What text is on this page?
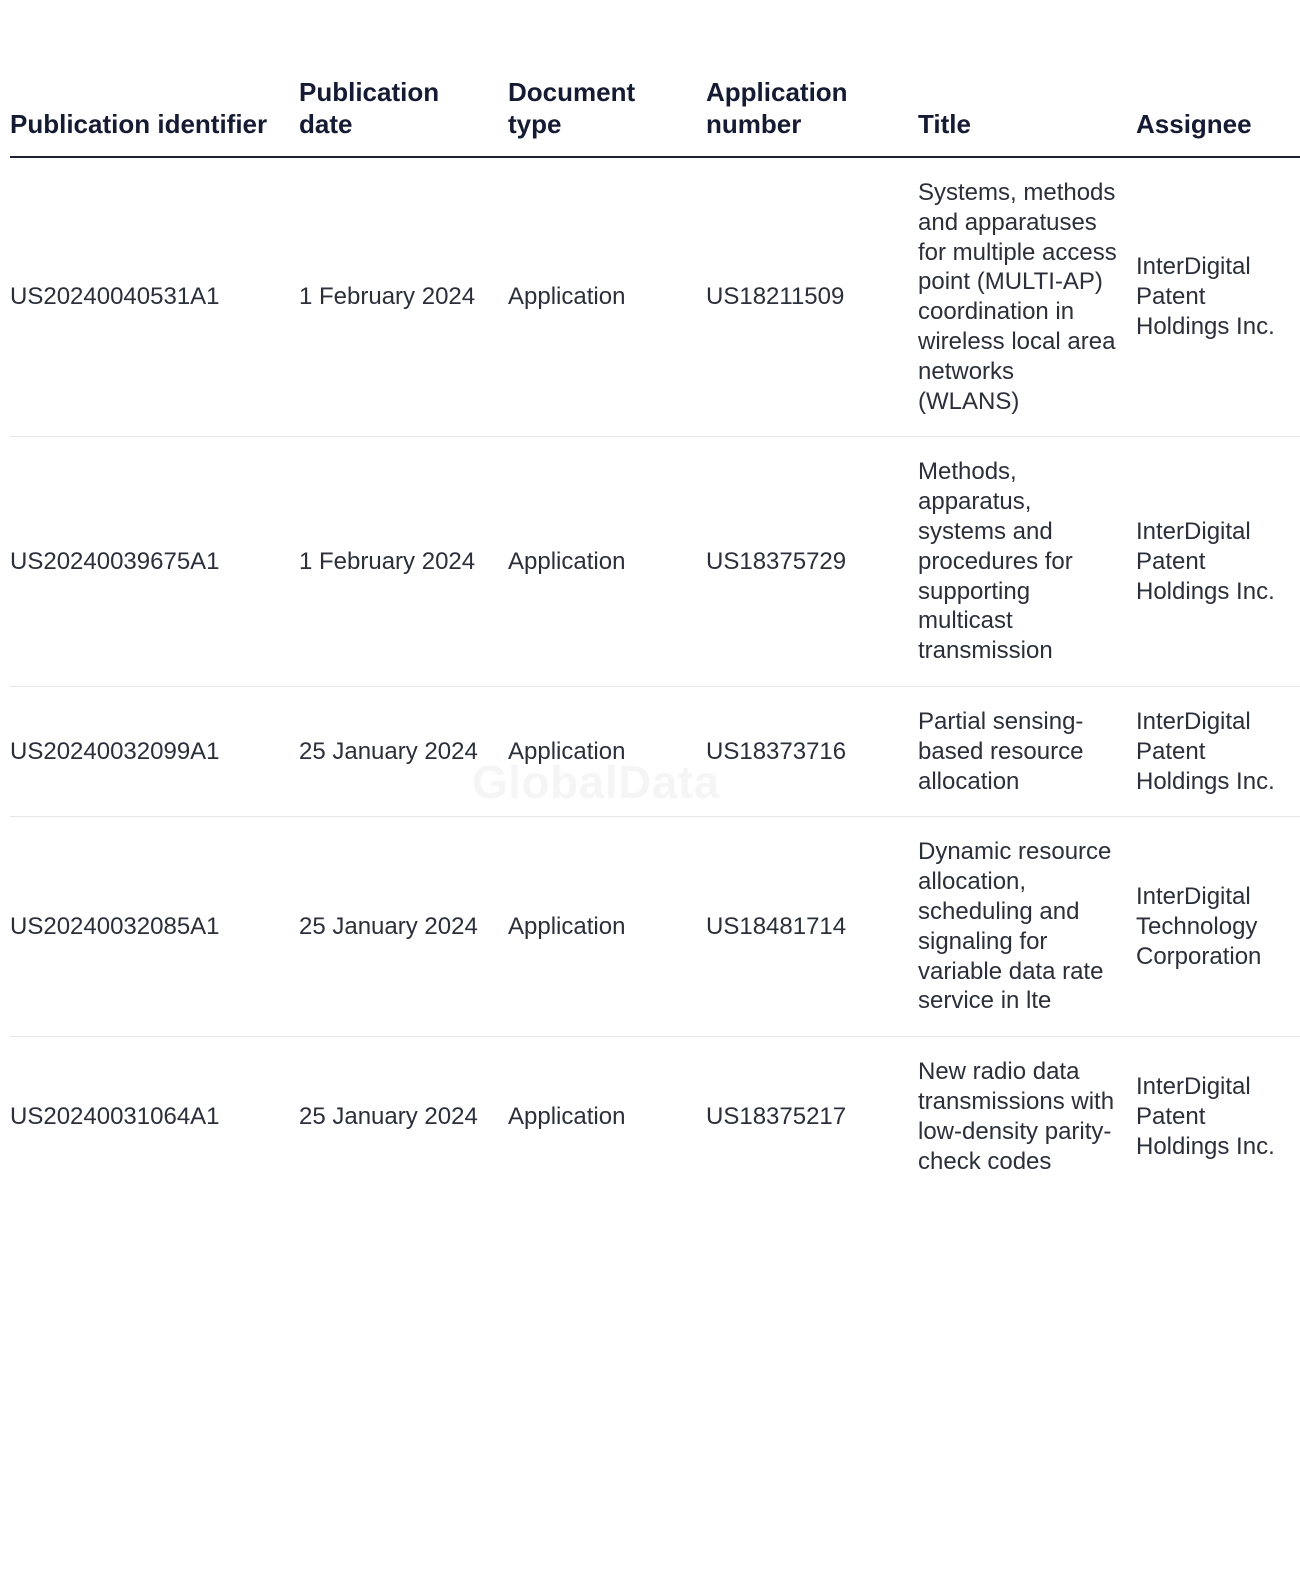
Publication identifier	Publication date	Document type	Application number	Title	Assignee
US20240040531A1	1 February 2024	Application	US18211509	Systems, methods and apparatuses for multiple access point (MULTI-AP) coordination in wireless local area networks (WLANS)	InterDigital Patent Holdings Inc.
US20240039675A1	1 February 2024	Application	US18375729	Methods, apparatus, systems and procedures for supporting multicast transmission	InterDigital Patent Holdings Inc.
US20240032099A1	25 January 2024	Application	US18373716	Partial sensing-based resource allocation	InterDigital Patent Holdings Inc.
US20240032085A1	25 January 2024	Application	US18481714	Dynamic resource allocation, scheduling and signaling for variable data rate service in lte	InterDigital Technology Corporation
US20240031064A1	25 January 2024	Application	US18375217	New radio data transmissions with low-density parity-check codes	InterDigital Patent Holdings Inc.
